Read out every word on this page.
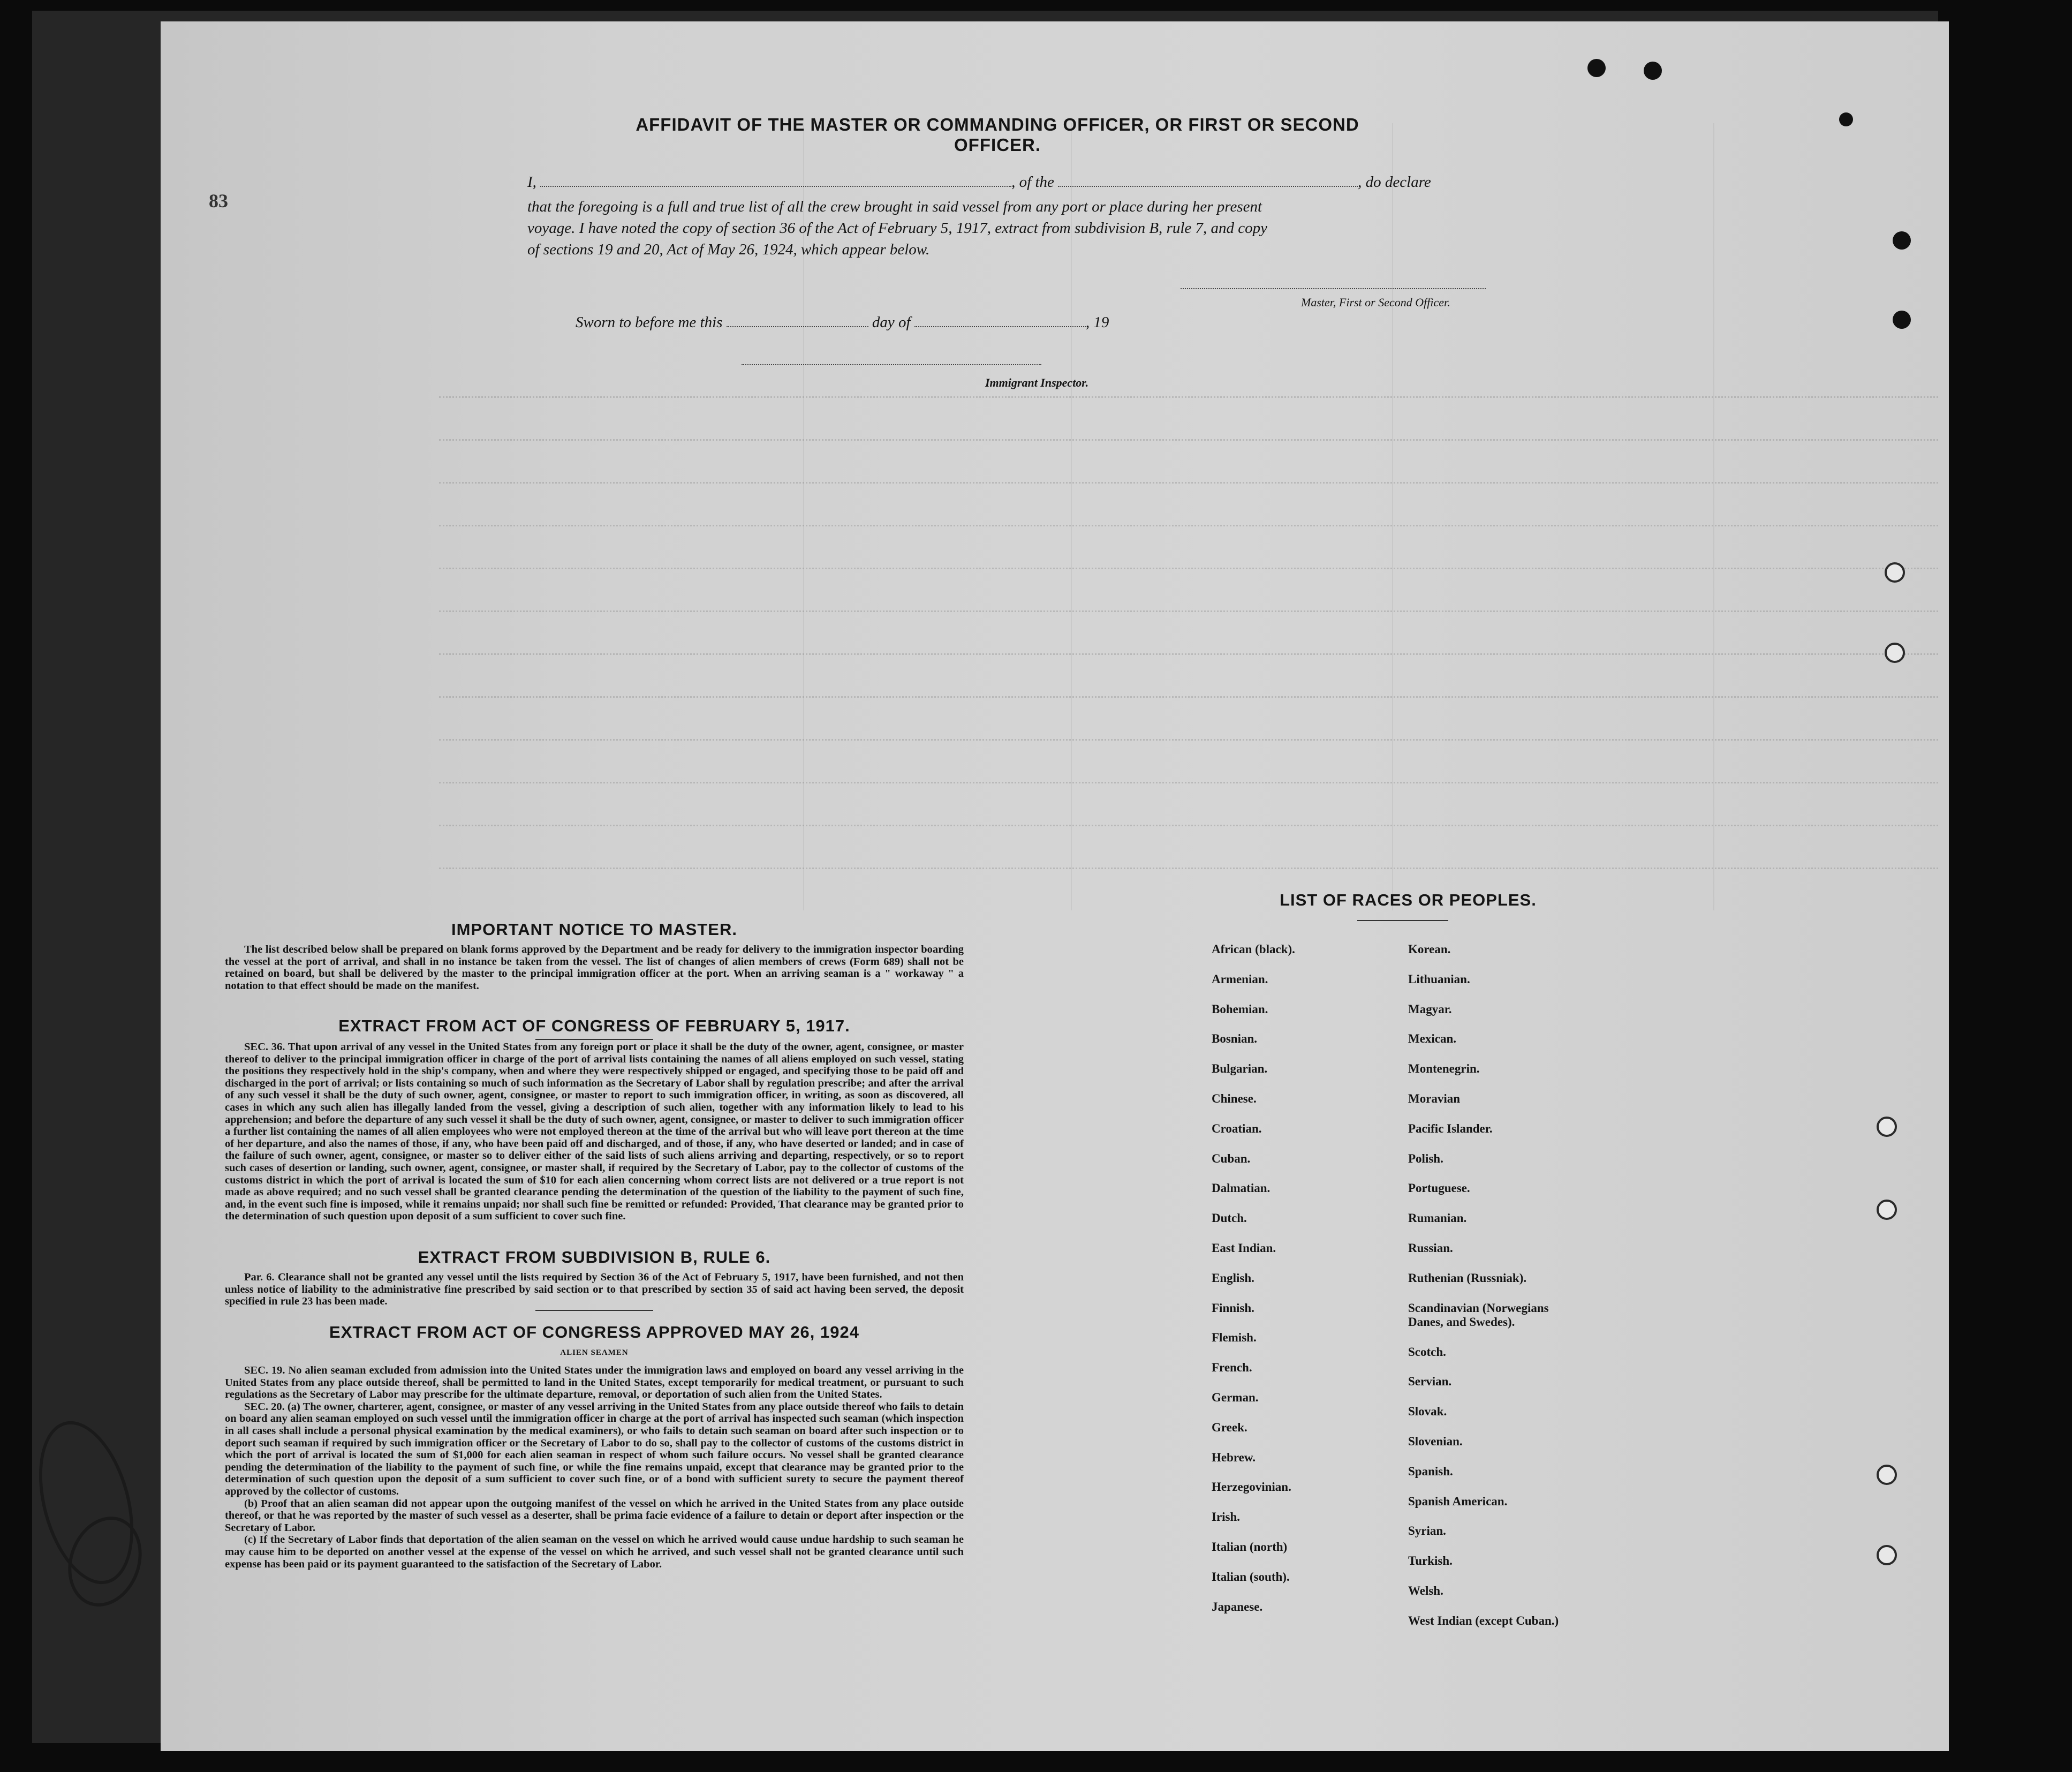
AFFIDAVIT OF THE MASTER OR COMMANDING OFFICER, OR FIRST OR SECOND OFFICER.
83
I,	, of the	, do declare
that the foregoing is a full and true list of all the crew brought in said vessel from any port or place during her present
voyage. I have noted the copy of section 36 of the Act of February 5, 1917, extract from subdivision B, rule 7, and copy
of sections 19 and 20, Act of May 26, 1924, which appear below.
Master, First or Second Officer.
Sworn to before me this	day of	, 19
Immigrant Inspector.
IMPORTANT NOTICE TO MASTER.

The list described below shall be prepared on blank forms approved by the Department and be ready for delivery to the immigration inspector boarding the vessel at the port of arrival, and shall in no instance be taken from the vessel. The list of changes of alien members of crews (Form 689) shall not be retained on board, but shall be delivered by the master to the principal immigration officer at the port. When an arriving seaman is a " workaway " a notation to that effect should be made on the manifest.

EXTRACT FROM ACT OF CONGRESS OF FEBRUARY 5, 1917.

SEC. 36. That upon arrival of any vessel in the United States from any foreign port or place it shall be the duty of the owner, agent, consignee, or master thereof to deliver to the principal immigration officer in charge of the port of arrival lists containing the names of all aliens employed on such vessel, stating the positions they respectively hold in the ship's company, when and where they were respectively shipped or engaged, and specifying those to be paid off and discharged in the port of arrival; or lists containing so much of such information as the Secretary of Labor shall by regulation prescribe; and after the arrival of any such vessel it shall be the duty of such owner, agent, consignee, or master to report to such immigration officer, in writing, as soon as discovered, all cases in which any such alien has illegally landed from the vessel, giving a description of such alien, together with any information likely to lead to his apprehension; and before the departure of any such vessel it shall be the duty of such owner, agent, consignee, or master to deliver to such immigration officer a further list containing the names of all alien employees who were not employed thereon at the time of the arrival but who will leave port thereon at the time of her departure, and also the names of those, if any, who have been paid off and discharged, and of those, if any, who have deserted or landed; and in case of the failure of such owner, agent, consignee, or master so to deliver either of the said lists of such aliens arriving and departing, respectively, or so to report such cases of desertion or landing, such owner, agent, consignee, or master shall, if required by the Secretary of Labor, pay to the collector of customs of the customs district in which the port of arrival is located the sum of $10 for each alien concerning whom correct lists are not delivered or a true report is not made as above required; and no such vessel shall be granted clearance pending the determination of the question of the liability to the payment of such fine, and, in the event such fine is imposed, while it remains unpaid; nor shall such fine be remitted or refunded: Provided, That clearance may be granted prior to the determination of such question upon deposit of a sum sufficient to cover such fine.

EXTRACT FROM SUBDIVISION B, RULE 6.

Par. 6. Clearance shall not be granted any vessel until the lists required by Section 36 of the Act of February 5, 1917, have been furnished, and not then unless notice of liability to the administrative fine prescribed by said section or to that prescribed by section 35 of said act having been served, the deposit specified in rule 23 has been made.

EXTRACT FROM ACT OF CONGRESS APPROVED MAY 26, 1924
ALIEN SEAMEN

SEC. 19. No alien seaman excluded from admission into the United States under the immigration laws and employed on board any vessel arriving in the United States from any place outside thereof, shall be permitted to land in the United States, except temporarily for medical treatment, or pursuant to such regulations as the Secretary of Labor may prescribe for the ultimate departure, removal, or deportation of such alien from the United States.

SEC. 20. (a) The owner, charterer, agent, consignee, or master of any vessel arriving in the United States from any place outside thereof who fails to detain on board any alien seaman employed on such vessel until the immigration officer in charge at the port of arrival has inspected such seaman (which inspection in all cases shall include a personal physical examination by the medical examiners), or who fails to detain such seaman on board after such inspection or to deport such seaman if required by such immigration officer or the Secretary of Labor to do so, shall pay to the collector of customs of the customs district in which the port of arrival is located the sum of $1,000 for each alien seaman in respect of whom such failure occurs. No vessel shall be granted clearance pending the determination of the liability to the payment of such fine, or while the fine remains unpaid, except that clearance may be granted prior to the determination of such question upon the deposit of a sum sufficient to cover such fine, or of a bond with sufficient surety to secure the payment thereof approved by the collector of customs.

(b) Proof that an alien seaman did not appear upon the outgoing manifest of the vessel on which he arrived in the United States from any place outside thereof, or that he was reported by the master of such vessel as a deserter, shall be prima facie evidence of a failure to detain or deport after inspection or the Secretary of Labor.

(c) If the Secretary of Labor finds that deportation of the alien seaman on the vessel on which he arrived would cause undue hardship to such seaman he may cause him to be deported on another vessel at the expense of the vessel on which he arrived, and such vessel shall not be granted clearance until such expense has been paid or its payment guaranteed to the satisfaction of the Secretary of Labor.

LIST OF RACES OR PEOPLES.
African (black).
Armenian.
Bohemian.
Bosnian.
Bulgarian.
Chinese.
Croatian.
Cuban.
Dalmatian.
Dutch.
East Indian.
English.
Finnish.
Flemish.
French.
German.
Greek.
Hebrew.
Herzegovinian.
Irish.
Italian (north)
Italian (south).
Japanese.
Korean.
Lithuanian.
Magyar.
Mexican.
Montenegrin.
Moravian
Pacific Islander.
Polish.
Portuguese.
Rumanian.
Russian.
Ruthenian (Russniak).
Scandinavian (Norwegians
Danes, and Swedes).
Scotch.
Servian.
Slovak.
Slovenian.
Spanish.
Spanish American.
Syrian.
Turkish.
Welsh.
West Indian (except Cuban.)
